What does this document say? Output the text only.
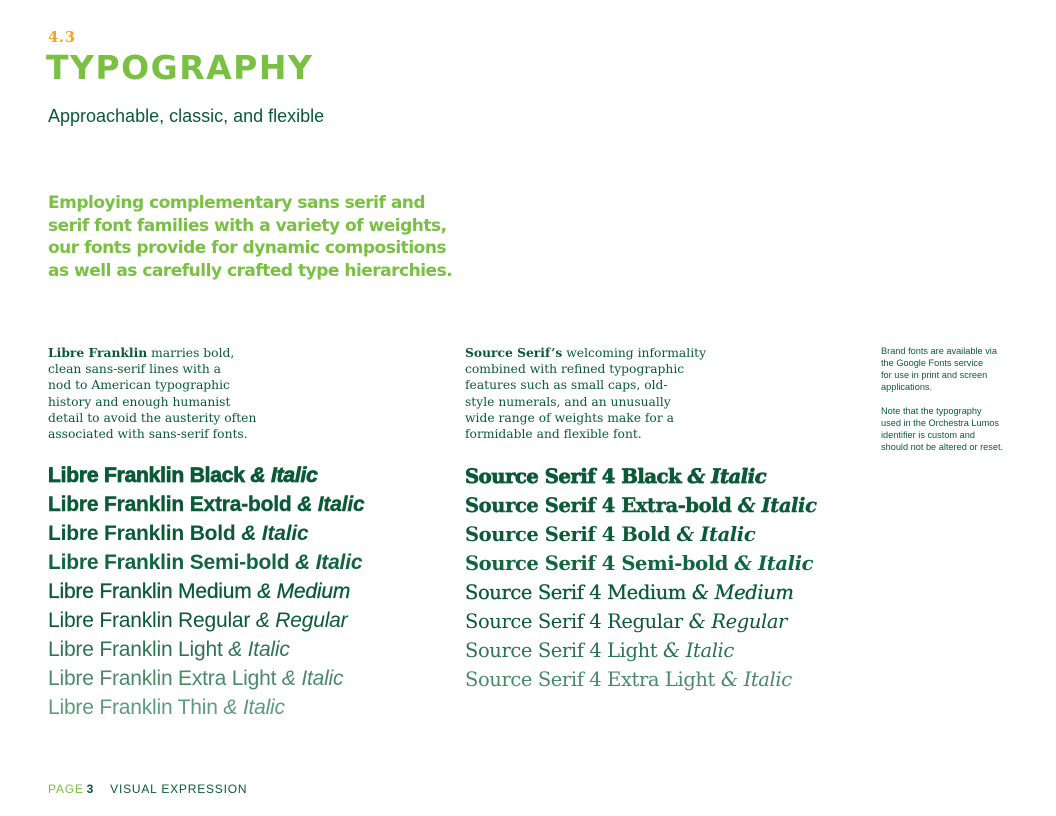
4.3
TYPOGRAPHY
Approachable, classic, and flexible
Employing complementary sans serif and serif font families with a variety of weights, our fonts provide for dynamic compositions as well as carefully crafted type hierarchies.
Libre Franklin marries bold,
clean sans-serif lines with a
nod to American typographic
history and enough humanist
detail to avoid the austerity often
associated with sans-serif fonts.
Source Serif’s welcoming informality
combined with refined typographic
features such as small caps, old-
style numerals, and an unusually
wide range of weights make for a
formidable and flexible font.

Brand fonts are available via
the Google Fonts service
for use in print and screen
applications.

Note that the typography
used in the Orchestra Lumos
identifier is custom and
should not be altered or reset.

Libre Franklin Black & Italic
Libre Franklin Extra-bold & Italic
Libre Franklin Bold & Italic
Libre Franklin Semi-bold & Italic
Libre Franklin Medium & Medium
Libre Franklin Regular & Regular
Libre Franklin Light & Italic
Libre Franklin Extra Light & Italic
Libre Franklin Thin & Italic
Source Serif 4 Black & Italic
Source Serif 4 Extra-bold & Italic
Source Serif 4 Bold & Italic
Source Serif 4 Semi-bold & Italic
Source Serif 4 Medium & Medium
Source Serif 4 Regular & Regular
Source Serif 4 Light & Italic
Source Serif 4 Extra Light & Italic
PAGE 3 VISUAL EXPRESSION
